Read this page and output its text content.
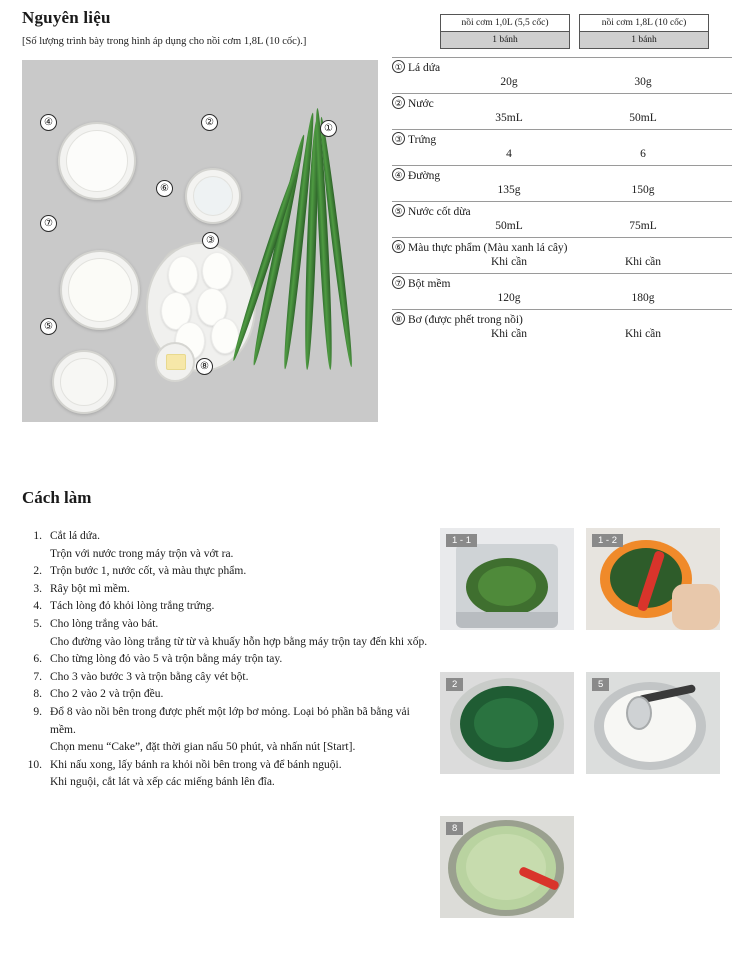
Nguyên liệu
[Số lượng trình bày trong hình áp dụng cho nồi cơm 1,8L (10 cốc).]
④	②
①
⑥
⑦
③
⑤
⑧
nồi cơm 1,0L (5,5 cốc)
1 bánh
nồi cơm 1,8L (10 cốc)
1 bánh
① Lá dứa
20g	30g

② Nước
35mL	50mL

③ Trứng
4	6

④ Đường
135g	150g

⑤ Nước cốt dừa
50mL	75mL

⑥ Màu thực phẩm (Màu xanh lá cây)
Khi cần	Khi cần

⑦ Bột mềm
120g	180g

⑧ Bơ (được phết trong nồi)
Khi cần	Khi cần
Cách làm
1. Cắt lá dứa.
Trộn với nước trong máy trộn và vớt ra.
2. Trộn bước 1, nước cốt, và màu thực phẩm.
3. Rây bột mì mềm.
4. Tách lòng đỏ khỏi lòng trắng trứng.
5. Cho lòng trắng vào bát.
Cho đường vào lòng trắng từ từ và khuấy hỗn hợp bằng máy trộn tay đến khi xốp.
6. Cho từng lòng đỏ vào 5 và trộn bằng máy trộn tay.
7. Cho 3 vào bước 3 và trộn bằng cây vét bột.
8. Cho 2 vào 2 và trộn đều.
9. Đổ 8 vào nồi bên trong được phết một lớp bơ mỏng. Loại bỏ phần bã bằng vải mềm.
Chọn menu “Cake”, đặt thời gian nấu 50 phút, và nhấn nút [Start].
10. Khi nấu xong, lấy bánh ra khỏi nồi bên trong và để bánh nguội.
Khi nguội, cắt lát và xếp các miếng bánh lên đĩa.
1 - 1	1 - 2
2	5
8
